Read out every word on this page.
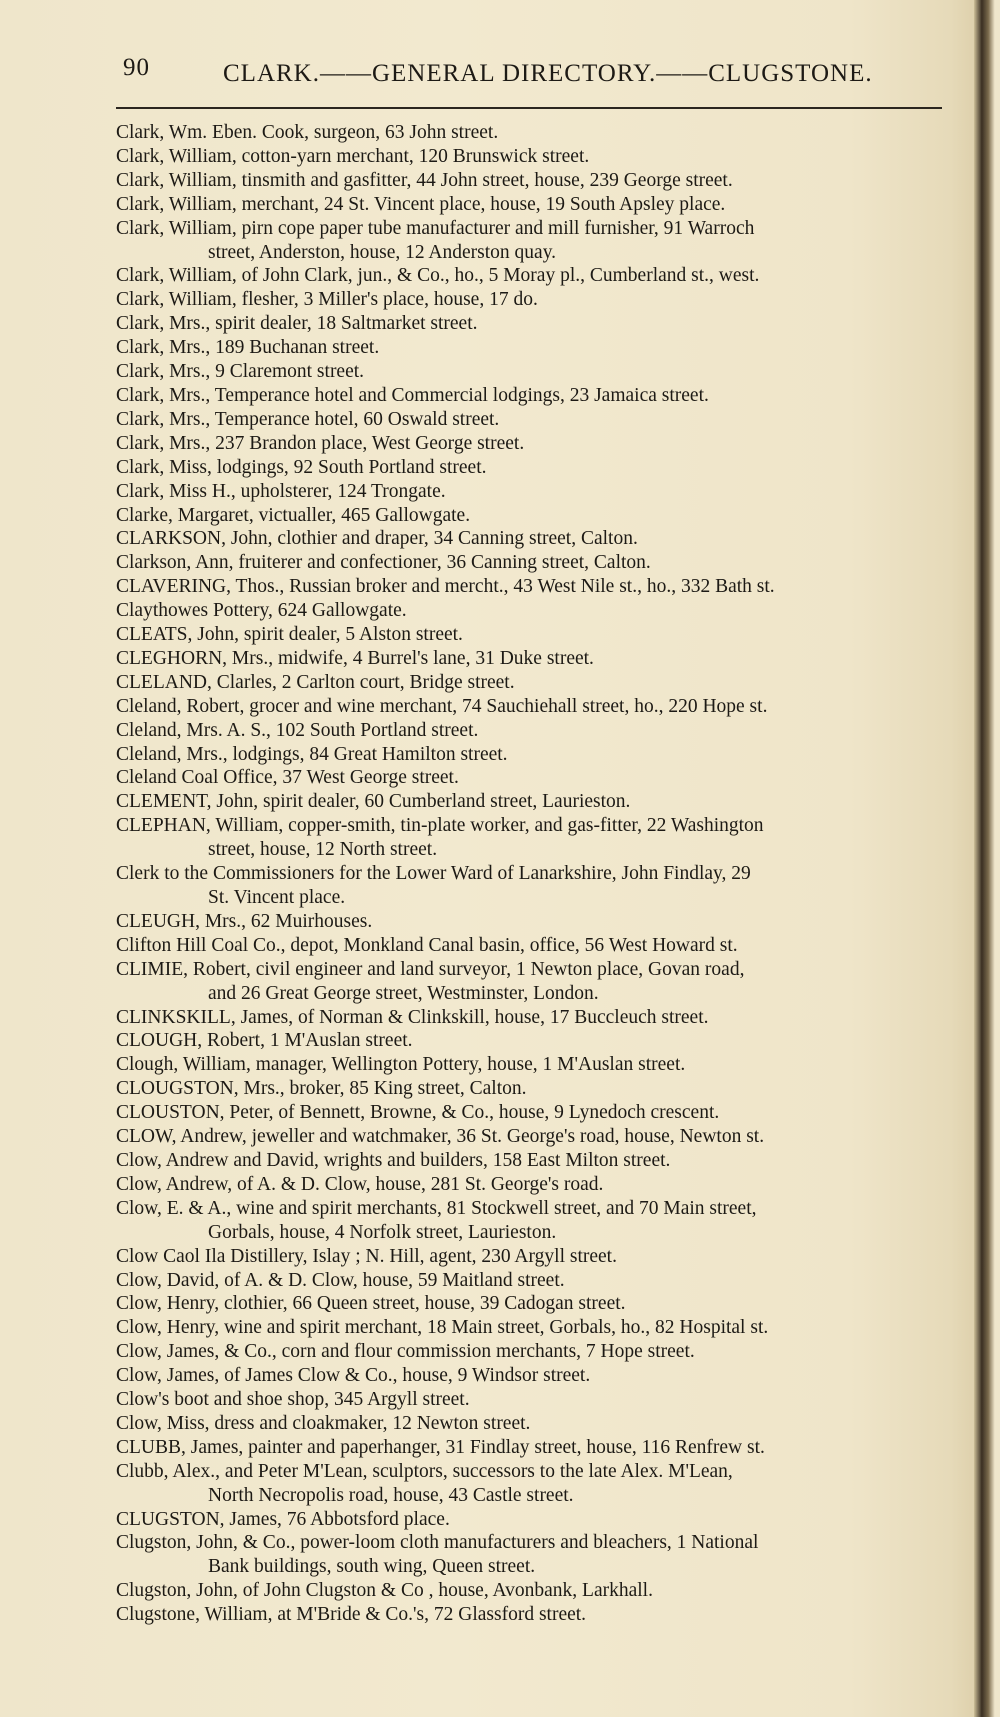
90	CLARK.——GENERAL DIRECTORY.——CLUGSTONE.
Clark, Wm. Eben. Cook, surgeon, 63 John street.
Clark, William, cotton-yarn merchant, 120 Brunswick street.
Clark, William, tinsmith and gasfitter, 44 John street, house, 239 George street.
Clark, William, merchant, 24 St. Vincent place, house, 19 South Apsley place.
Clark, William, pirn cope paper tube manufacturer and mill furnisher, 91 Warroch
street, Anderston, house, 12 Anderston quay.
Clark, William, of John Clark, jun., & Co., ho., 5 Moray pl., Cumberland st., west.
Clark, William, flesher, 3 Miller's place, house, 17 do.
Clark, Mrs., spirit dealer, 18 Saltmarket street.
Clark, Mrs., 189 Buchanan street.
Clark, Mrs., 9 Claremont street.
Clark, Mrs., Temperance hotel and Commercial lodgings, 23 Jamaica street.
Clark, Mrs., Temperance hotel, 60 Oswald street.
Clark, Mrs., 237 Brandon place, West George street.
Clark, Miss, lodgings, 92 South Portland street.
Clark, Miss H., upholsterer, 124 Trongate.
Clarke, Margaret, victualler, 465 Gallowgate.
CLARKSON, John, clothier and draper, 34 Canning street, Calton.
Clarkson, Ann, fruiterer and confectioner, 36 Canning street, Calton.
CLAVERING, Thos., Russian broker and mercht., 43 West Nile st., ho., 332 Bath st.
Claythowes Pottery, 624 Gallowgate.
CLEATS, John, spirit dealer, 5 Alston street.
CLEGHORN, Mrs., midwife, 4 Burrel's lane, 31 Duke street.
CLELAND, Clarles, 2 Carlton court, Bridge street.
Cleland, Robert, grocer and wine merchant, 74 Sauchiehall street, ho., 220 Hope st.
Cleland, Mrs. A. S., 102 South Portland street.
Cleland, Mrs., lodgings, 84 Great Hamilton street.
Cleland Coal Office, 37 West George street.
CLEMENT, John, spirit dealer, 60 Cumberland street, Laurieston.
CLEPHAN, William, copper-smith, tin-plate worker, and gas-fitter, 22 Washington
street, house, 12 North street.
Clerk to the Commissioners for the Lower Ward of Lanarkshire, John Findlay, 29
St. Vincent place.
CLEUGH, Mrs., 62 Muirhouses.
Clifton Hill Coal Co., depot, Monkland Canal basin, office, 56 West Howard st.
CLIMIE, Robert, civil engineer and land surveyor, 1 Newton place, Govan road,
and 26 Great George street, Westminster, London.
CLINKSKILL, James, of Norman & Clinkskill, house, 17 Buccleuch street.
CLOUGH, Robert, 1 M'Auslan street.
Clough, William, manager, Wellington Pottery, house, 1 M'Auslan street.
CLOUGSTON, Mrs., broker, 85 King street, Calton.
CLOUSTON, Peter, of Bennett, Browne, & Co., house, 9 Lynedoch crescent.
CLOW, Andrew, jeweller and watchmaker, 36 St. George's road, house, Newton st.
Clow, Andrew and David, wrights and builders, 158 East Milton street.
Clow, Andrew, of A. & D. Clow, house, 281 St. George's road.
Clow, E. & A., wine and spirit merchants, 81 Stockwell street, and 70 Main street,
Gorbals, house, 4 Norfolk street, Laurieston.
Clow Caol Ila Distillery, Islay ; N. Hill, agent, 230 Argyll street.
Clow, David, of A. & D. Clow, house, 59 Maitland street.
Clow, Henry, clothier, 66 Queen street, house, 39 Cadogan street.
Clow, Henry, wine and spirit merchant, 18 Main street, Gorbals, ho., 82 Hospital st.
Clow, James, & Co., corn and flour commission merchants, 7 Hope street.
Clow, James, of James Clow & Co., house, 9 Windsor street.
Clow's boot and shoe shop, 345 Argyll street.
Clow, Miss, dress and cloakmaker, 12 Newton street.
CLUBB, James, painter and paperhanger, 31 Findlay street, house, 116 Renfrew st.
Clubb, Alex., and Peter M'Lean, sculptors, successors to the late Alex. M'Lean,
North Necropolis road, house, 43 Castle street.
CLUGSTON, James, 76 Abbotsford place.
Clugston, John, & Co., power-loom cloth manufacturers and bleachers, 1 National
Bank buildings, south wing, Queen street.
Clugston, John, of John Clugston & Co , house, Avonbank, Larkhall.
Clugstone, William, at M'Bride & Co.'s, 72 Glassford street.
